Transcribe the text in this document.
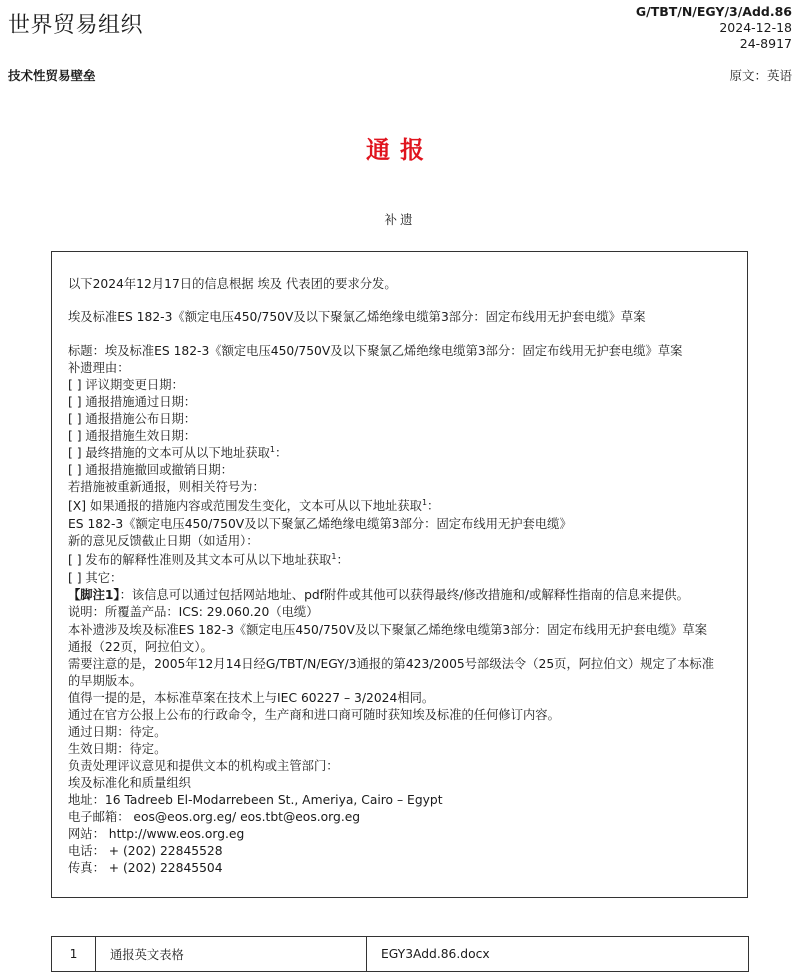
世界贸易组织
G/TBT/N/EGY/3/Add.86
2024-12-18
24-8917
技术性贸易壁垒	原文：英语
通报
补遗
以下2024年12月17日的信息根据 埃及 代表团的要求分发。
埃及标准ES 182-3《额定电压450/750V及以下聚氯乙烯绝缘电缆第3部分：固定布线用无护套电缆》草案
标题：埃及标准ES 182-3《额定电压450/750V及以下聚氯乙烯绝缘电缆第3部分：固定布线用无护套电缆》草案
补遗理由：
[ ] 评议期变更日期：
[ ] 通报措施通过日期：
[ ] 通报措施公布日期：
[ ] 通报措施生效日期：
[ ] 最终措施的文本可从以下地址获取$^1$：
[ ] 通报措施撤回或撤销日期：
若措施被重新通报，则相关符号为：
[X] 如果通报的措施内容或范围发生变化，文本可从以下地址获取$^1$：
ES 182-3《额定电压450/750V及以下聚氯乙烯绝缘电缆第3部分：固定布线用无护套电缆》
新的意见反馈截止日期（如适用）：
[ ] 发布的解释性准则及其文本可从以下地址获取$^1$：
[ ] 其它：
【脚注1】：该信息可以通过包括网站地址、pdf附件或其他可以获得最终/修改措施和/或解释性指南的信息来提供。
说明：所覆盖产品：ICS: 29.060.20（电缆）
本补遗涉及埃及标准ES 182-3《额定电压450/750V及以下聚氯乙烯绝缘电缆第3部分：固定布线用无护套电缆》草案
通报（22页，阿拉伯文）。
需要注意的是，2005年12月14日经G/TBT/N/EGY/3通报的第423/2005号部级法令（25页，阿拉伯文）规定了本标准
的早期版本。
值得一提的是，本标准草案在技术上与IEC 60227 – 3/2024相同。
通过在官方公报上公布的行政命令，生产商和进口商可随时获知埃及标准的任何修订内容。
通过日期：待定。
生效日期：待定。
负责处理评议意见和提供文本的机构或主管部门：
埃及标准化和质量组织
地址：16 Tadreeb El-Modarrebeen St., Ameriya, Cairo – Egypt
电子邮箱： eos@eos.org.eg/ eos.tbt@eos.org.eg
网站： http://www.eos.org.eg
电话： + (202) 22845528
传真： + (202) 22845504
1	通报英文表格	EGY3Add.86.docx
